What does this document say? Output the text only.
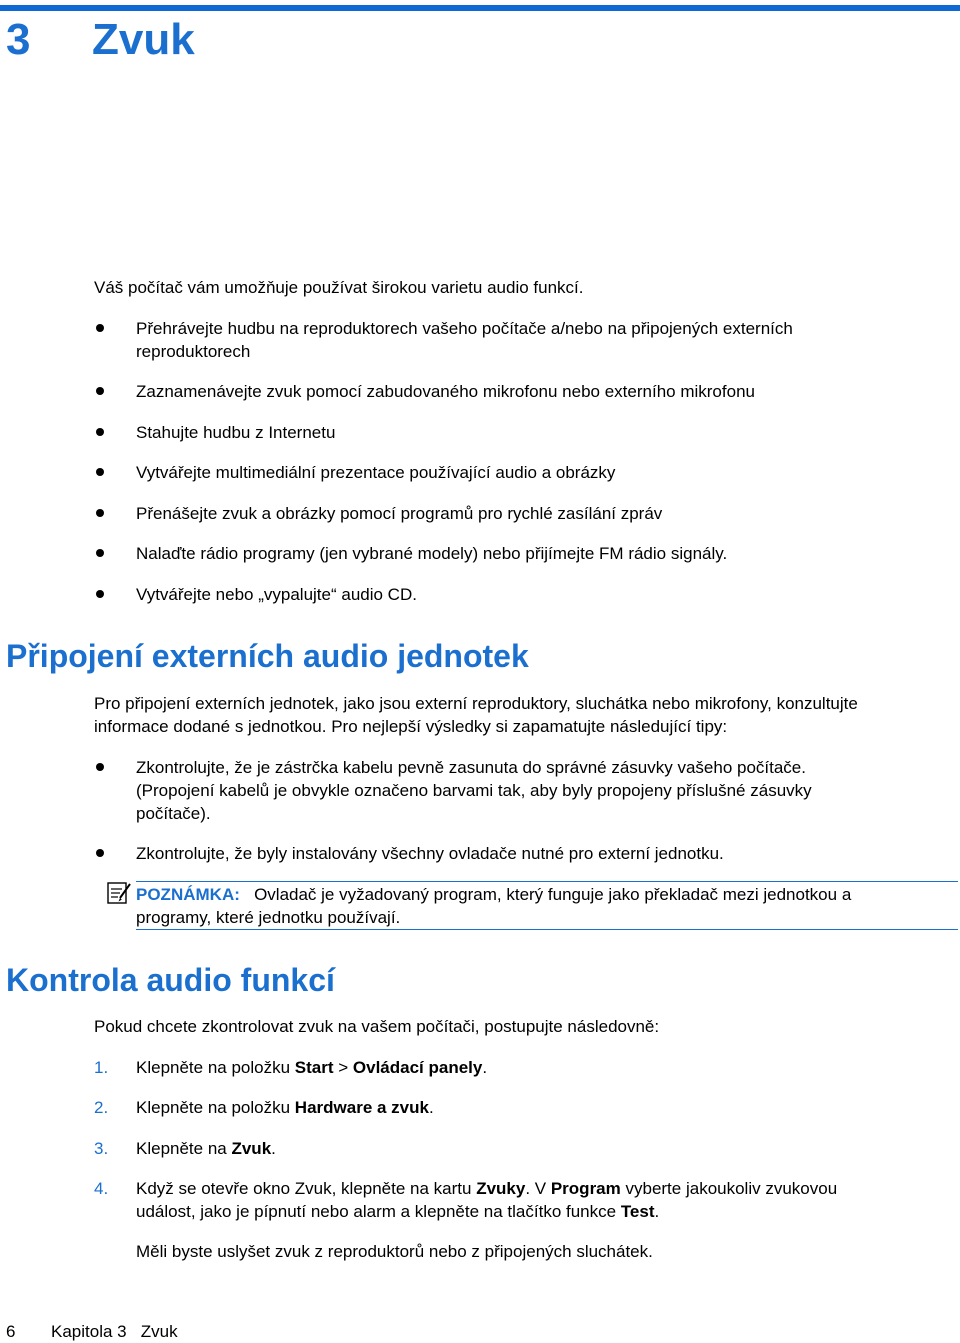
3 Zvuk

Váš počítač vám umožňuje používat širokou varietu audio funkcí.

Přehrávejte hudbu na reproduktorech vašeho počítače a/nebo na připojených externích
reproduktorech

Zaznamenávejte zvuk pomocí zabudovaného mikrofonu nebo externího mikrofonu

Stahujte hudbu z Internetu

Vytvářejte multimediální prezentace používající audio a obrázky

Přenášejte zvuk a obrázky pomocí programů pro rychlé zasílání zpráv

Nalaďte rádio programy (jen vybrané modely) nebo přijímejte FM rádio signály.

Vytvářejte nebo „vypalujte“ audio CD.

Připojení externích audio jednotek

Pro připojení externích jednotek, jako jsou externí reproduktory, sluchátka nebo mikrofony, konzultujte
informace dodané s jednotkou. Pro nejlepší výsledky si zapamatujte následující tipy:

Zkontrolujte, že je zástrčka kabelu pevně zasunuta do správné zásuvky vašeho počítače.
(Propojení kabelů je obvykle označeno barvami tak, aby byly propojeny příslušné zásuvky
počítače).

Zkontrolujte, že byly instalovány všechny ovladače nutné pro externí jednotku.

POZNÁMKA: Ovladač je vyžadovaný program, který funguje jako překladač mezi jednotkou a
programy, které jednotku používají.

Kontrola audio funkcí

Pokud chcete zkontrolovat zvuk na vašem počítači, postupujte následovně:

1. Klepněte na položku Start > Ovládací panely.

2. Klepněte na položku Hardware a zvuk.

3. Klepněte na Zvuk.

4. Když se otevře okno Zvuk, klepněte na kartu Zvuky. V Program vyberte jakoukoliv zvukovou
událost, jako je pípnutí nebo alarm a klepněte na tlačítko funkce Test.

Měli byste uslyšet zvuk z reproduktorů nebo z připojených sluchátek.

6 Kapitola 3 Zvuk
